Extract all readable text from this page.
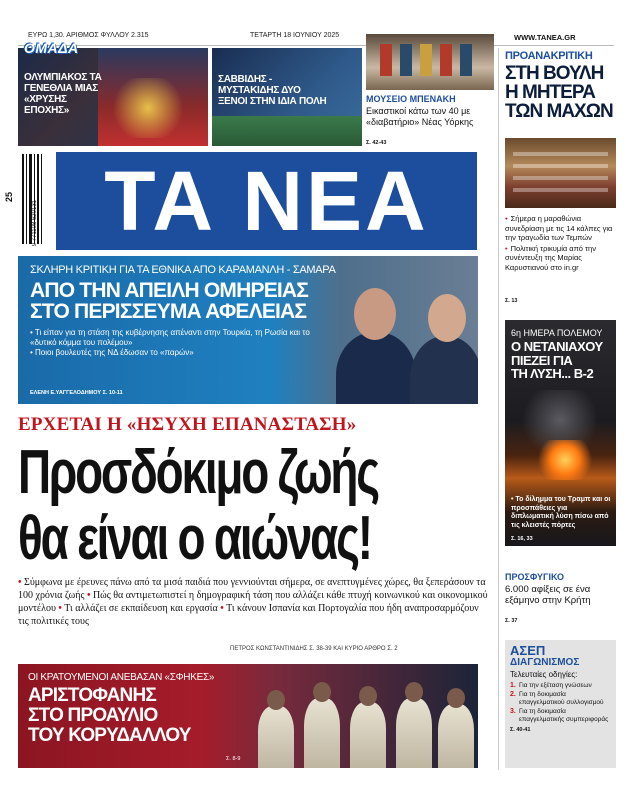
ΕΥΡΩ 1,30. ΑΡΙΘΜΟΣ ΦΥΛΛΟΥ 2.315	ΤΕΤΑΡΤΗ 18 ΙΟΥΝΙΟΥ 2025	WWW.TANEA.GR
ΟΛΥΜΠΙΑΚΟΣ ΤΑ ΓΕΝΕΘΛΙΑ ΜΙΑΣ «ΧΡΥΣΗΣ ΕΠΟΧΗΣ»
ΟΜΑΔΑ
ΣΑΒΒΙΔΗΣ - ΜΥΣΤΑΚΙΔΗΣ ΔΥΟ ΞΕΝΟΙ ΣΤΗΝ ΙΔΙΑ ΠΟΛΗ	ΜΟΥΣΕΙΟ ΜΠΕΝΑΚΗ
Εικαστικοί κάτω των 40 με «διαβατήριο» Νέας Υόρκης
Σ. 42-43
ΠΡΟΑΝΑΚΡΙΤΙΚΗ
ΣΤΗ ΒΟΥΛΗ
Η ΜΗΤΕΡΑ
ΤΩΝ ΜΑΧΩΝ
• Σήμερα η μαραθώνια συνεδρίαση με τις 14 κάλπες για την τραγωδία των Τεμπών
• Πολιτική τρικυμία από την συνέντευξη της Μαρίας Καρυστιανού στο in.gr
Σ. 13
6η ΗΜΕΡΑ ΠΟΛΕΜΟΥ
Ο ΝΕΤΑΝΙΑΧΟΥ
ΠΙΕΖΕΙ ΓΙΑ
ΤΗ ΛΥΣΗ... Β-2
• Το δίλημμα του Τραμπ και οι προσπάθειες για διπλωματική λύση πίσω από τις κλειστές πόρτες
Σ. 16, 33
ΠΡΟΣΦΥΓΙΚΟ
6.000 αφίξεις σε ένα εξάμηνο στην Κρήτη
Σ. 37
ΑΣΕΠ
ΔΙΑΓΩΝΙΣΜΟΣ
Τελευταίες οδηγίες:
1. Για την εξέταση γνώσεων
2. Για τη δοκιμασία επαγγελματικού συλλογισμού
3. Για τη δοκιμασία επαγγελματικής συμπεριφοράς
Σ. 40-41
25
9 771108 620131 ΤΑ ΝΕΑ
ΣΚΛΗΡΗ ΚΡΙΤΙΚΗ ΓΙΑ ΤΑ ΕΘΝΙΚΑ ΑΠΟ ΚΑΡΑΜΑΝΛΗ - ΣΑΜΑΡΑ
ΑΠΟ ΤΗΝ ΑΠΕΙΛΗ ΟΜΗΡΕΙΑΣ
ΣΤΟ ΠΕΡΙΣΣΕΥΜΑ ΑΦΕΛΕΙΑΣ
• Τι είπαν για τη στάση της κυβέρνησης απέναντι στην Τουρκία, τη Ρωσία και το «δυτικό κόμμα του πολέμου»
• Ποιοι βουλευτές της ΝΔ έδωσαν το «παρών»
ΕΛΕΝΗ Ε.ΥΑΓΓΕΛΟΔΗΜΟΥ Σ. 10-11
ΕΡΧΕΤΑΙ Η «ΗΣΥΧΗ ΕΠΑΝΑΣΤΑΣΗ»
Προσδόκιμο ζωής
θα είναι ο αιώνας!
• Σύμφωνα με έρευνες πάνω από τα μισά παιδιά που γεννιούνται σήμερα, σε ανεπτυγμένες χώρες, θα ξεπεράσουν τα 100 χρόνια ζωής • Πώς θα αντιμετωπιστεί η δημογραφική τάση που αλλάζει κάθε πτυχή κοινωνικού και οικονομικού μοντέλου • Τι αλλάζει σε εκπαίδευση και εργασία • Τι κάνουν Ισπανία και Πορτογαλία που ήδη αναπροσαρμόζουν τις πολιτικές τους
ΠΕΤΡΟΣ ΚΩΝΣΤΑΝΤΙΝΙΔΗΣ Σ. 38-39 ΚΑΙ ΚΥΡΙΟ ΑΡΘΡΟ Σ. 2
ΟΙ ΚΡΑΤΟΥΜΕΝΟΙ ΑΝΕΒΑΣΑΝ «ΣΦΗΚΕΣ»
ΑΡΙΣΤΟΦΑΝΗΣ
ΣΤΟ ΠΡΟΑΥΛΙΟ
ΤΟΥ ΚΟΡΥΔΑΛΛΟΥ
Σ. 8-9
